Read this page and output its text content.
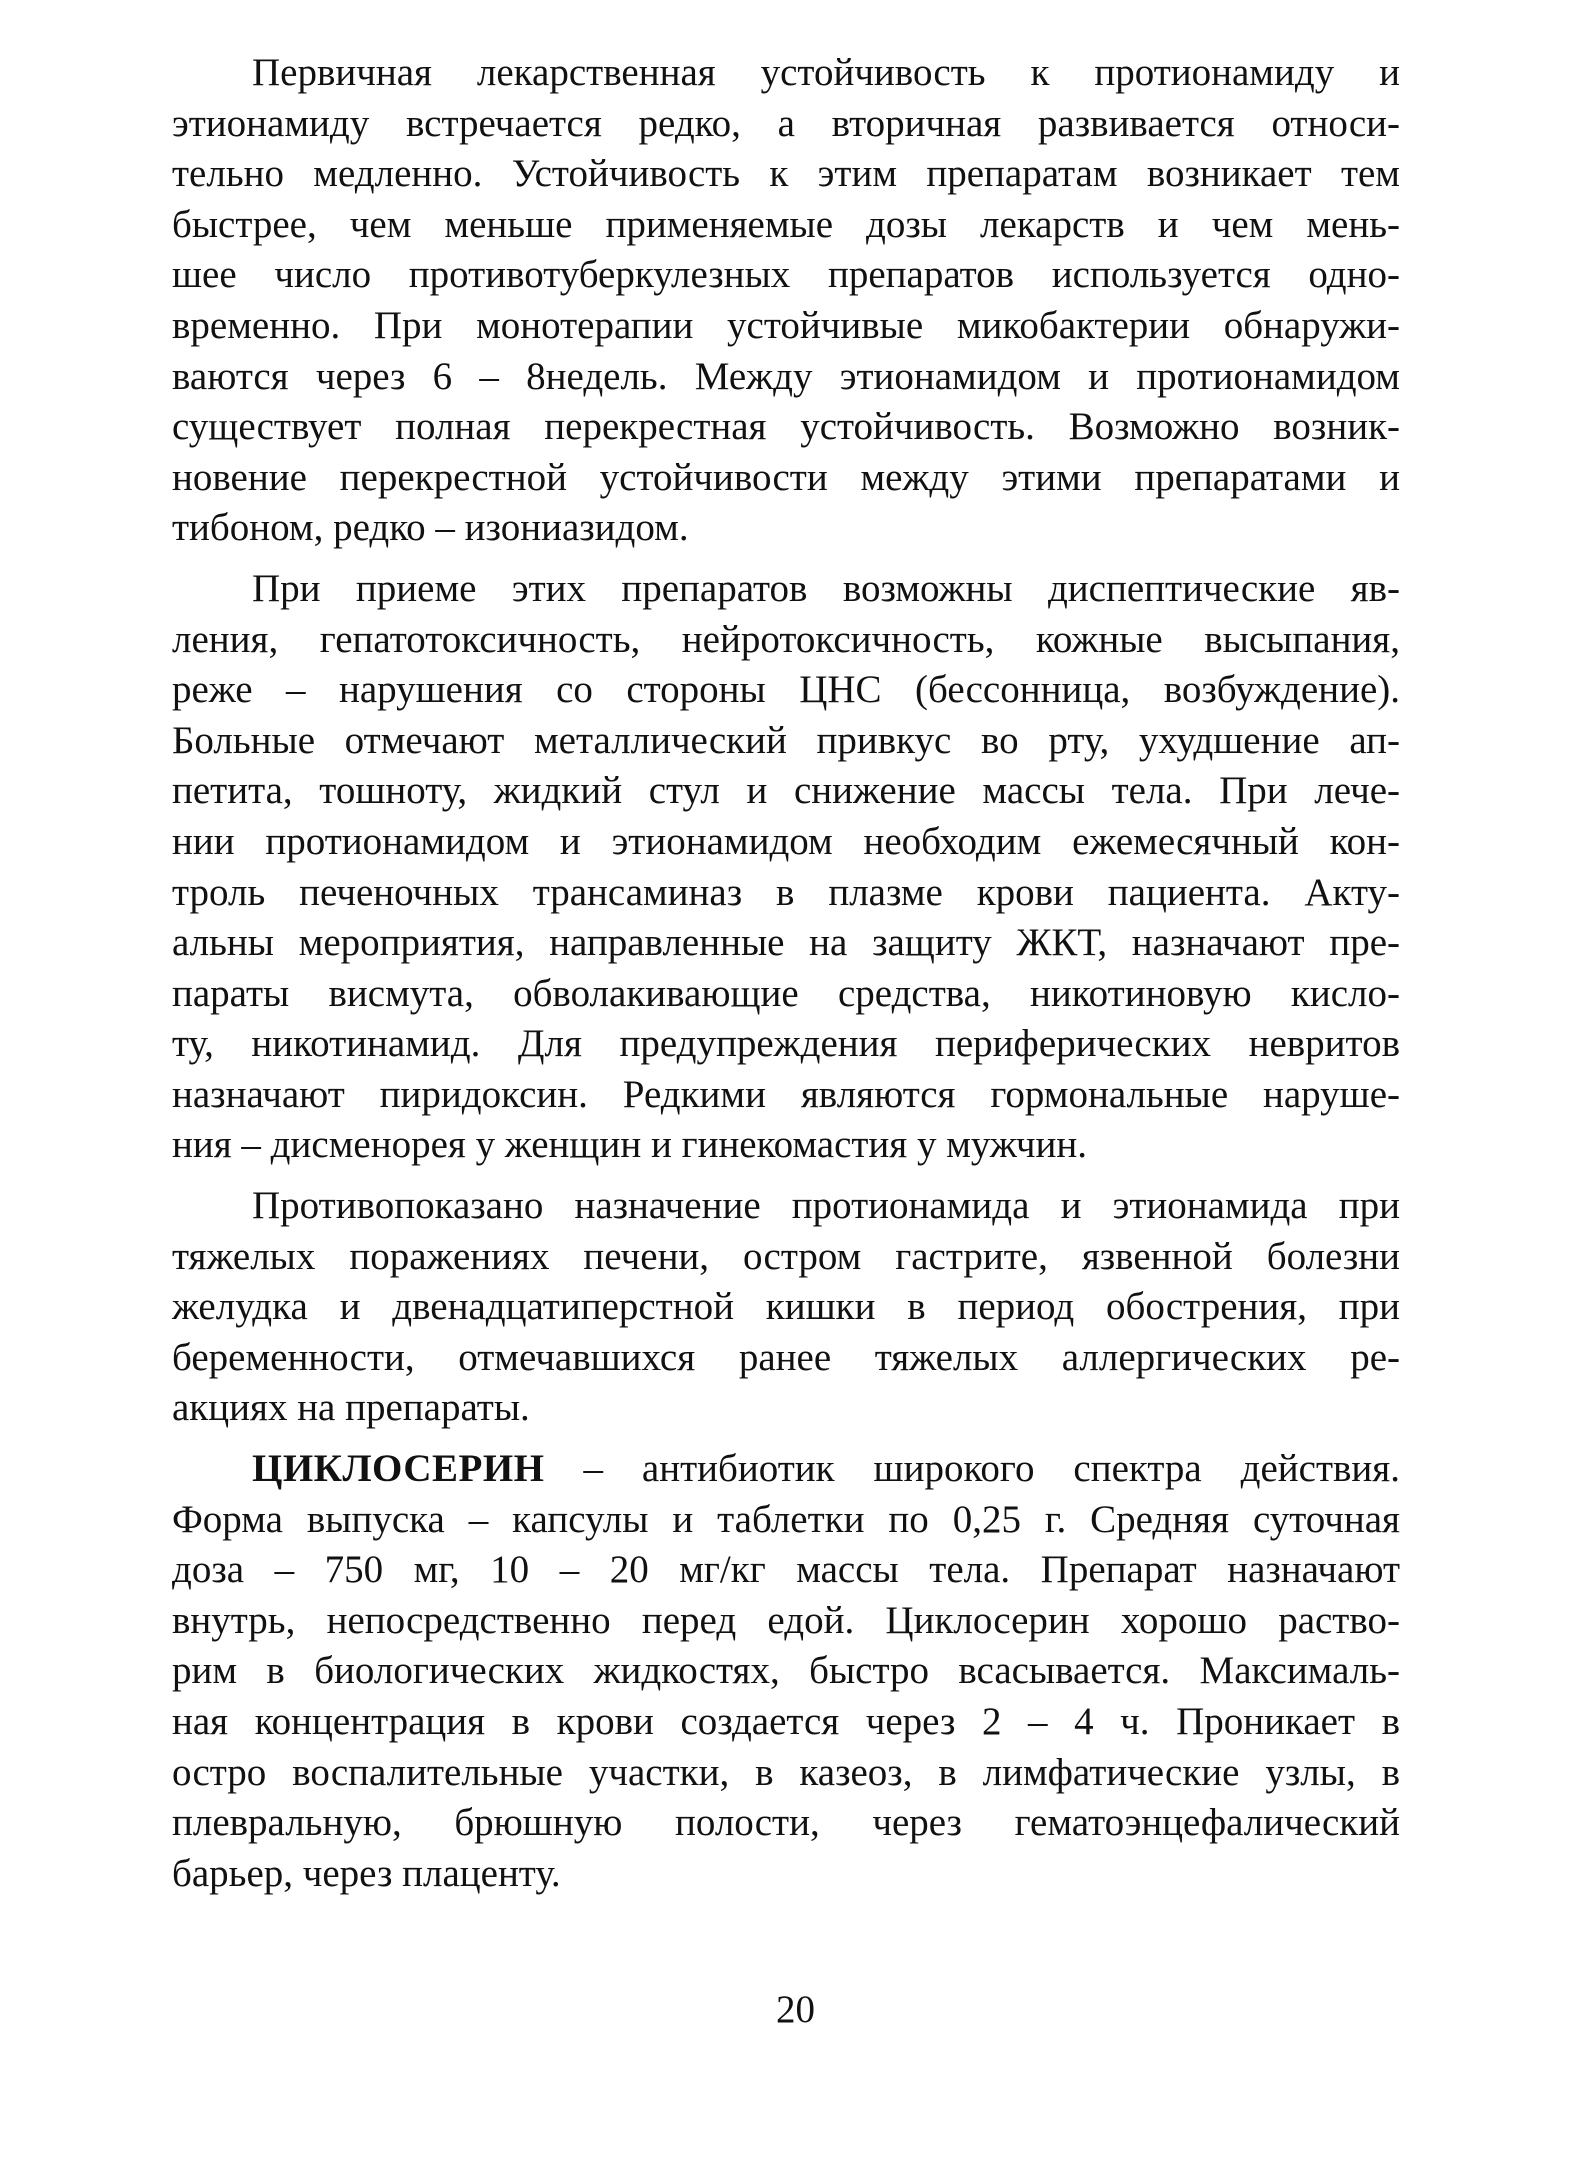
Первичная лекарственная устойчивость к протионамиду и
этионамиду встречается редко, а вторичная развивается относи-
тельно медленно. Устойчивость к этим препаратам возникает тем
быстрее, чем меньше применяемые дозы лекарств и чем мень-
шее число противотуберкулезных препаратов используется одно-
временно. При монотерапии устойчивые микобактерии обнаружи-
ваются через 6 – 8недель. Между этионамидом и протионамидом
существует полная перекрестная устойчивость. Возможно возник-
новение перекрестной устойчивости между этими препаратами и
тибоном, редко – изониазидом.
При приеме этих препаратов возможны диспептические яв-
ления, гепатотоксичность, нейротоксичность, кожные высыпания,
реже – нарушения со стороны ЦНС (бессонница, возбуждение).
Больные отмечают металлический привкус во рту, ухудшение ап-
петита, тошноту, жидкий стул и снижение массы тела. При лече-
нии протионамидом и этионамидом необходим ежемесячный кон-
троль печеночных трансаминаз в плазме крови пациента. Акту-
альны мероприятия, направленные на защиту ЖКТ, назначают пре-
параты висмута, обволакивающие средства, никотиновую кисло-
ту, никотинамид. Для предупреждения периферических невритов
назначают пиридоксин. Редкими являются гормональные наруше-
ния – дисменорея у женщин и гинекомастия у мужчин.
Противопоказано назначение протионамида и этионамида при
тяжелых поражениях печени, остром гастрите, язвенной болезни
желудка и двенадцатиперстной кишки в период обострения, при
беременности, отмечавшихся ранее тяжелых аллергических ре-
акциях на препараты.
ЦИКЛОСЕРИН – антибиотик широкого спектра действия.
Форма выпуска – капсулы и таблетки по 0,25 г. Средняя суточная
доза – 750 мг, 10 – 20 мг/кг массы тела. Препарат назначают
внутрь, непосредственно перед едой. Циклосерин хорошо раство-
рим в биологических жидкостях, быстро всасывается. Максималь-
ная концентрация в крови создается через 2 – 4 ч. Проникает в
остро воспалительные участки, в казеоз, в лимфатические узлы, в
плевральную, брюшную полости, через гематоэнцефалический
барьер, через плаценту.
20
